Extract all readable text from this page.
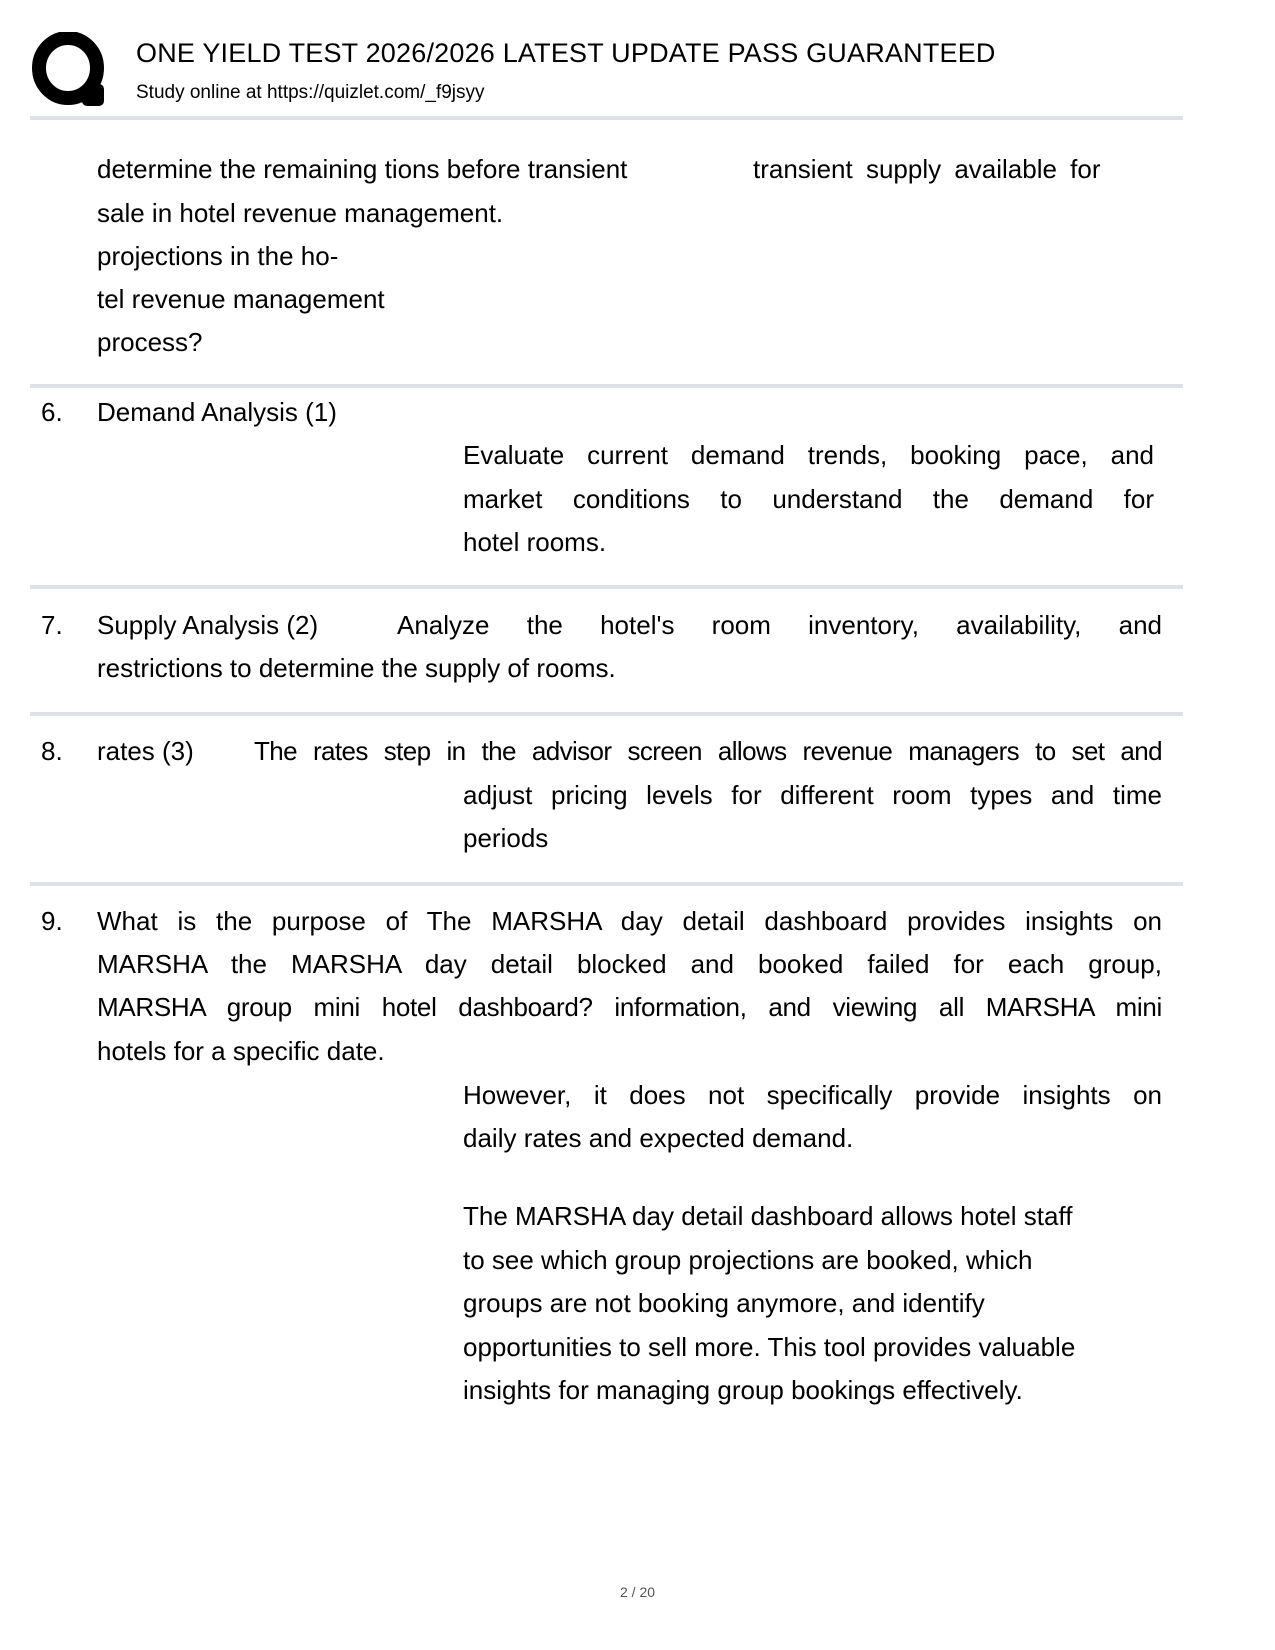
ONE YIELD TEST 2026/2026 LATEST UPDATE PASS GUARANTEED
Study online at https://quizlet.com/_f9jsyy
determine the remaining tions before transient	transient supply available for
sale in hotel revenue management.
projections in the ho-
tel revenue management
process?
6. Demand Analysis (1)
Evaluate current demand trends, booking pace, and
market conditions to understand the demand for
hotel rooms.
7. Supply Analysis (2)	Analyze the hotel's room inventory, availability, and
restrictions to determine the supply of rooms.
8. rates (3) The rates step in the advisor screen allows revenue managers to set and
adjust pricing levels for different room types and time
periods
9. What is the purpose of The MARSHA day detail dashboard provides insights on
MARSHA the MARSHA day detail blocked and booked failed for each group,
MARSHA group mini hotel dashboard? information, and viewing all MARSHA mini
hotels for a specific date.
However, it does not specifically provide insights on
daily rates and expected demand.
The MARSHA day detail dashboard allows hotel staff
to see which group projections are booked, which
groups are not booking anymore, and identify
opportunities to sell more. This tool provides valuable
insights for managing group bookings effectively.
2 / 20
